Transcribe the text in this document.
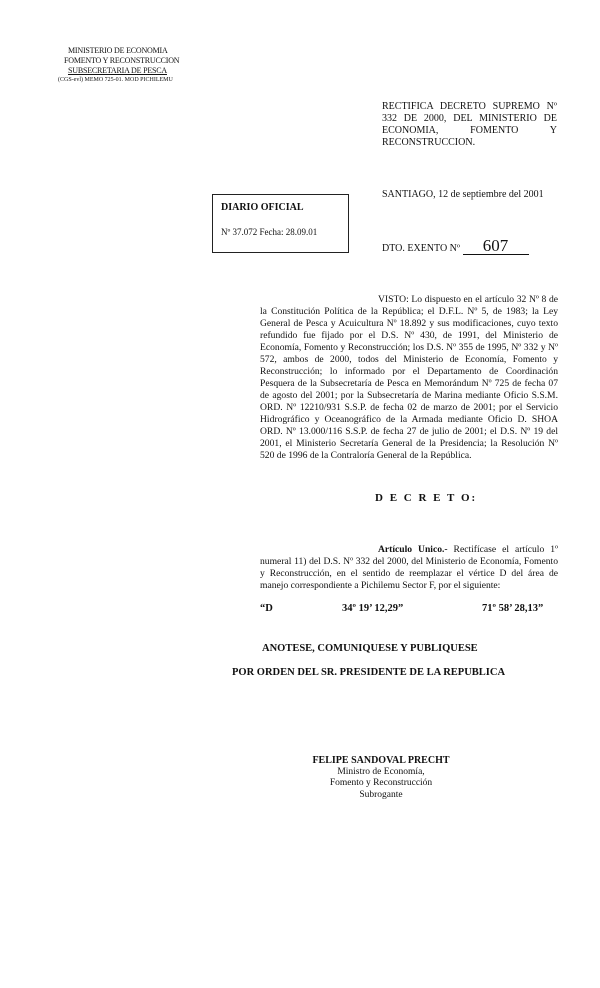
MINISTERIO DE ECONOMIA
FOMENTO Y RECONSTRUCCION
SUBSECRETARIA DE PESCA
(CGS-evl) MEMO 725-01. MOD PICHILEMU
RECTIFICA DECRETO SUPREMO Nº 332 DE 2000, DEL MINISTERIO DE ECONOMIA, FOMENTO Y RECONSTRUCCION.
SANTIAGO, 12 de septiembre del 2001
DIARIO OFICIAL
Nº 37.072 Fecha: 28.09.01
DTO. EXENTO Nº 607
VISTO: Lo dispuesto en el artículo 32 Nº 8 de la Constitución Política de la República; el D.F.L. Nº 5, de 1983; la Ley General de Pesca y Acuicultura Nº 18.892 y sus modificaciones, cuyo texto refundido fue fijado por el D.S. Nº 430, de 1991, del Ministerio de Economía, Fomento y Reconstrucción; los D.S. Nº 355 de 1995, Nº 332 y Nº 572, ambos de 2000, todos del Ministerio de Economía, Fomento y Reconstrucción; lo informado por el Departamento de Coordinación Pesquera de la Subsecretaría de Pesca en Memorándum Nº 725 de fecha 07 de agosto del 2001; por la Subsecretaría de Marina mediante Oficio S.S.M. ORD. Nº 12210/931 S.S.P. de fecha 02 de marzo de 2001; por el Servicio Hidrográfico y Oceanográfico de la Armada mediante Oficio D. SHOA ORD. Nº 13.000/116 S.S.P. de fecha 27 de julio de 2001; el D.S. Nº 19 del 2001, el Ministerio Secretaría General de la Presidencia; la Resolución Nº 520 de 1996 de la Contraloría General de la República.
D E C R E T O:
Artículo Unico.- Rectifícase el artículo 1º numeral 11) del D.S. Nº 332 del 2000, del Ministerio de Economía, Fomento y Reconstrucción, en el sentido de reemplazar el vértice D del área de manejo correspondiente a Pichilemu Sector F, por el siguiente:
“D	34º 19’ 12,29”	71º 58’ 28,13”
ANOTESE, COMUNIQUESE Y PUBLIQUESE
POR ORDEN DEL SR. PRESIDENTE DE LA REPUBLICA
FELIPE SANDOVAL PRECHT
Ministro de Economía,
Fomento y Reconstrucción
Subrogante
